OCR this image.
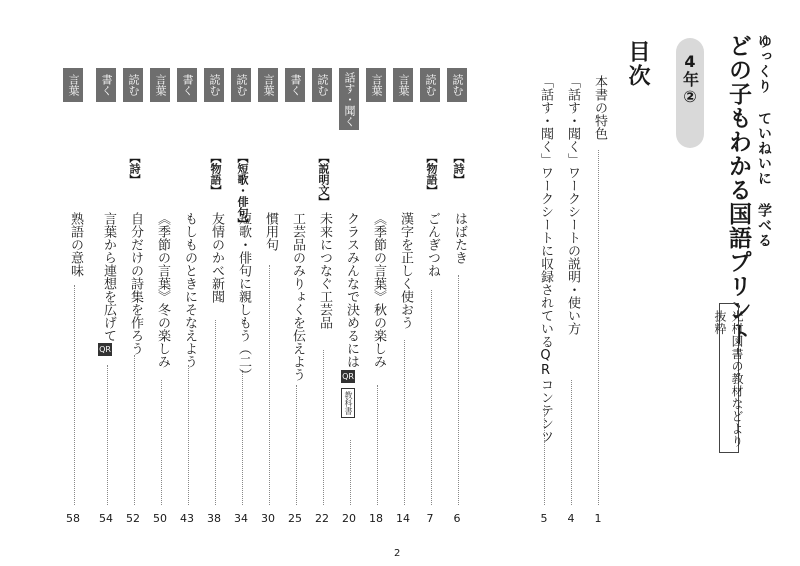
ゆっくり ていねいに 学べる
どの子もわかる国語プリント
光村図書の教材などより抜粋
4年②
目次
本書の特色
1
「話す・聞く」ワークシートの説明・使い方
4
「話す・聞く」ワークシートに収録されているQRコンテンツ
5
読む
【詩】
はばたき
6
読む
【物語】
ごんぎつね
7
言葉
漢字を正しく使おう
14
言葉
《季節の言葉》秋の楽しみ
18
話す・聞く
クラスみんなで決めるには
QR
教科書
20
読む
【説明文】
未来につなぐ工芸品
22
書く
工芸品のみりょくを伝えよう
25
言葉
慣用句
30
読む
【短歌・俳句】
短歌・俳句に親しもう（二）
34
読む
【物語】
友情のかべ新聞
38
書く
もしものときにそなえよう
43
言葉
《季節の言葉》冬の楽しみ
50
読む
【詩】
自分だけの詩集を作ろう
52
書く
言葉から連想を広げて
QR
54
言葉
熟語の意味
58
2
